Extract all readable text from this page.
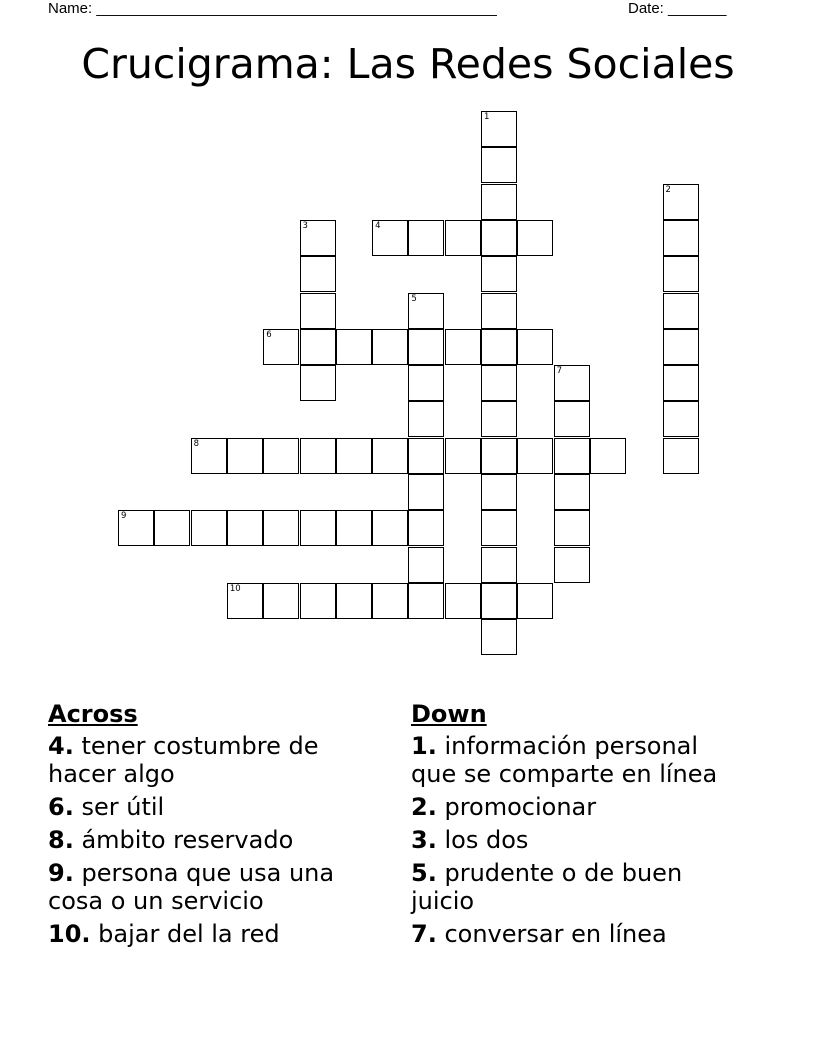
Name: ________________________________________________	Date: _______
Crucigrama: Las Redes Sociales
1
2
3	4
5
6
7
8
9
10
Across
4. tener costumbre de hacer algo
6. ser útil
8. ámbito reservado
9. persona que usa una cosa o un servicio
10. bajar del la red
Down
1. información personal que se comparte en línea
2. promocionar
3. los dos
5. prudente o de buen juicio
7. conversar en línea
